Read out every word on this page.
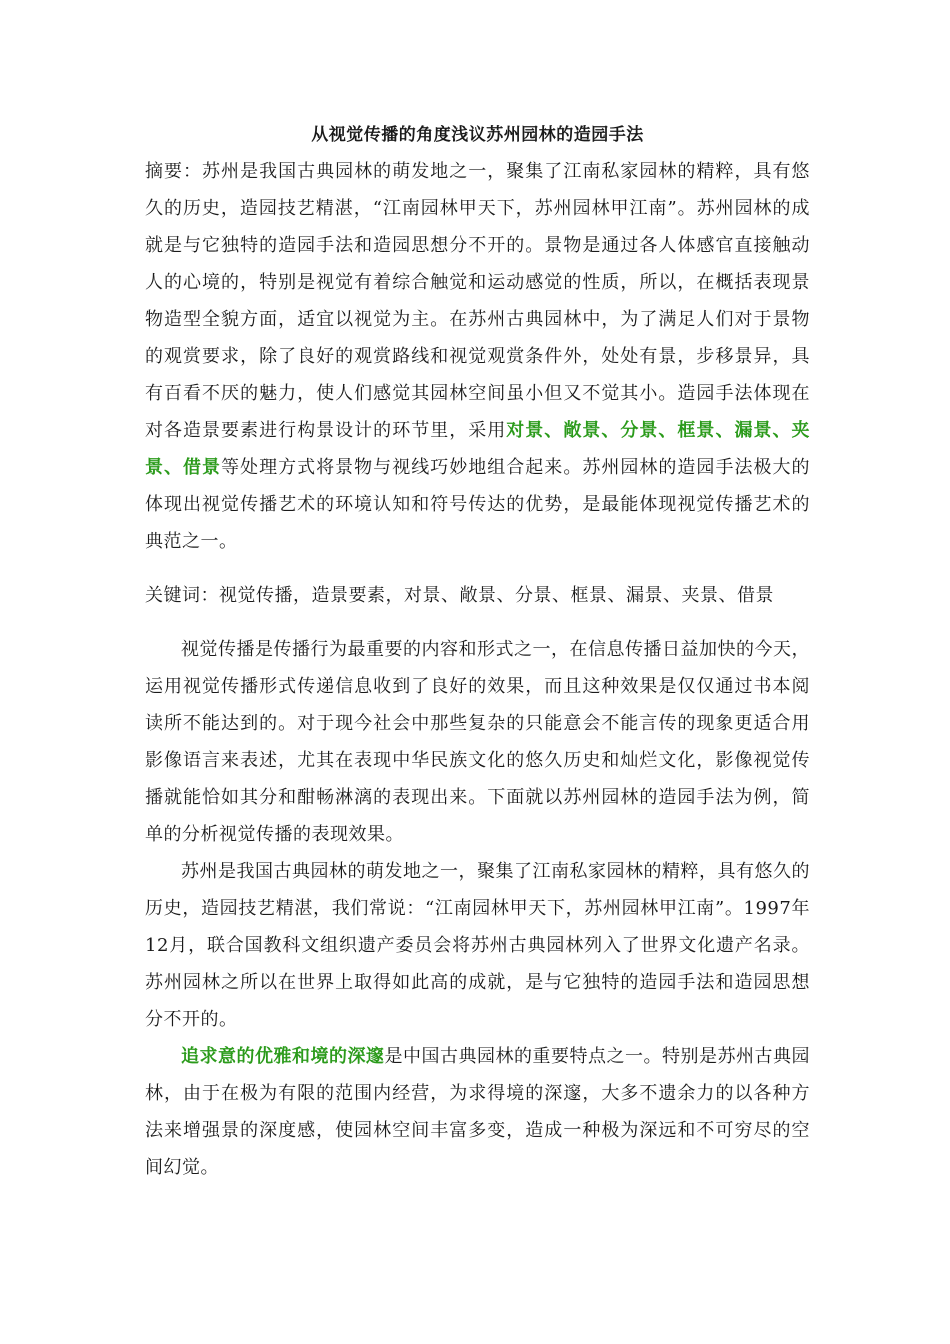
从视觉传播的角度浅议苏州园林的造园手法

摘要：苏州是我国古典园林的萌发地之一，聚集了江南私家园林的精粹，具有悠久的历史，造园技艺精湛，“江南园林甲天下，苏州园林甲江南”。苏州园林的成就是与它独特的造园手法和造园思想分不开的。景物是通过各人体感官直接触动人的心境的，特别是视觉有着综合触觉和运动感觉的性质，所以，在概括表现景物造型全貌方面，适宜以视觉为主。在苏州古典园林中，为了满足人们对于景物的观赏要求，除了良好的观赏路线和视觉观赏条件外，处处有景，步移景异，具有百看不厌的魅力，使人们感觉其园林空间虽小但又不觉其小。造园手法体现在对各造景要素进行构景设计的环节里，采用对景、敞景、分景、框景、漏景、夹景、借景等处理方式将景物与视线巧妙地组合起来。苏州园林的造园手法极大的体现出视觉传播艺术的环境认知和符号传达的优势，是最能体现视觉传播艺术的典范之一。

关键词：视觉传播，造景要素，对景、敞景、分景、框景、漏景、夹景、借景

视觉传播是传播行为最重要的内容和形式之一，在信息传播日益加快的今天，运用视觉传播形式传递信息收到了良好的效果，而且这种效果是仅仅通过书本阅读所不能达到的。对于现今社会中那些复杂的只能意会不能言传的现象更适合用影像语言来表述，尤其在表现中华民族文化的悠久历史和灿烂文化，影像视觉传播就能恰如其分和酣畅淋漓的表现出来。下面就以苏州园林的造园手法为例，简单的分析视觉传播的表现效果。

苏州是我国古典园林的萌发地之一，聚集了江南私家园林的精粹，具有悠久的历史，造园技艺精湛，我们常说：“江南园林甲天下，苏州园林甲江南”。1997年12月，联合国教科文组织遗产委员会将苏州古典园林列入了世界文化遗产名录。苏州园林之所以在世界上取得如此高的成就，是与它独特的造园手法和造园思想分不开的。

追求意的优雅和境的深邃是中国古典园林的重要特点之一。特别是苏州古典园林，由于在极为有限的范围内经营，为求得境的深邃，大多不遗余力的以各种方法来增强景的深度感，使园林空间丰富多变，造成一种极为深远和不可穷尽的空间幻觉。
